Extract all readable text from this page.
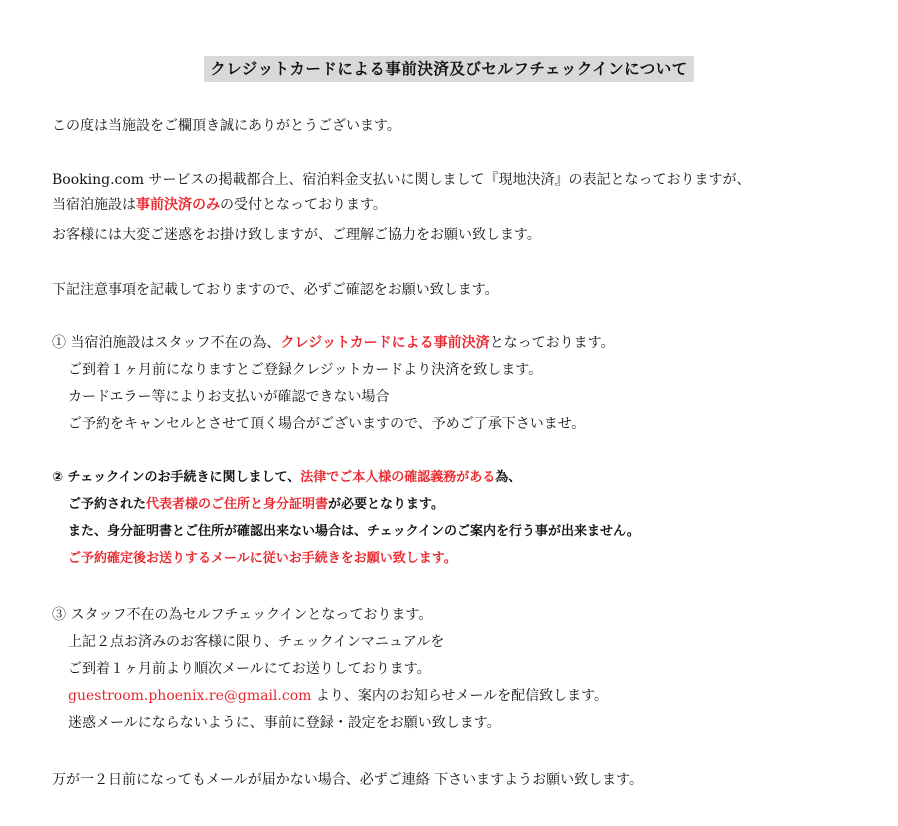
クレジットカードによる事前決済及びセルフチェックインについて
この度は当施設をご欄頂き誠にありがとうございます。
Booking.com サービスの掲載都合上、宿泊料金支払いに関しまして『現地決済』の表記となっておりますが、
当宿泊施設は事前決済のみの受付となっております。
お客様には大変ご迷惑をお掛け致しますが、ご理解ご協力をお願い致します。
下記注意事項を記載しておりますので、必ずご確認をお願い致します。
① 当宿泊施設はスタッフ不在の為、クレジットカードによる事前決済となっております。
ご到着１ヶ月前になりますとご登録クレジットカードより決済を致します。
カードエラー等によりお支払いが確認できない場合
ご予約をキャンセルとさせて頂く場合がございますので、予めご了承下さいませ。
② チェックインのお手続きに関しまして、法律でご本人様の確認義務がある為、
ご予約された代表者様のご住所と身分証明書が必要となります。
また、身分証明書とご住所が確認出来ない場合は、チェックインのご案内を行う事が出来ません。
ご予約確定後お送りするメールに従いお手続きをお願い致します。
③ スタッフ不在の為セルフチェックインとなっております。
上記２点お済みのお客様に限り、チェックインマニュアルを
ご到着１ヶ月前より順次メールにてお送りしております。
guestroom.phoenix.re@gmail.com より、案内のお知らせメールを配信致します。
迷惑メールにならないように、事前に登録・設定をお願い致します。
万が一２日前になってもメールが届かない場合、必ずご連絡 下さいますようお願い致します。
